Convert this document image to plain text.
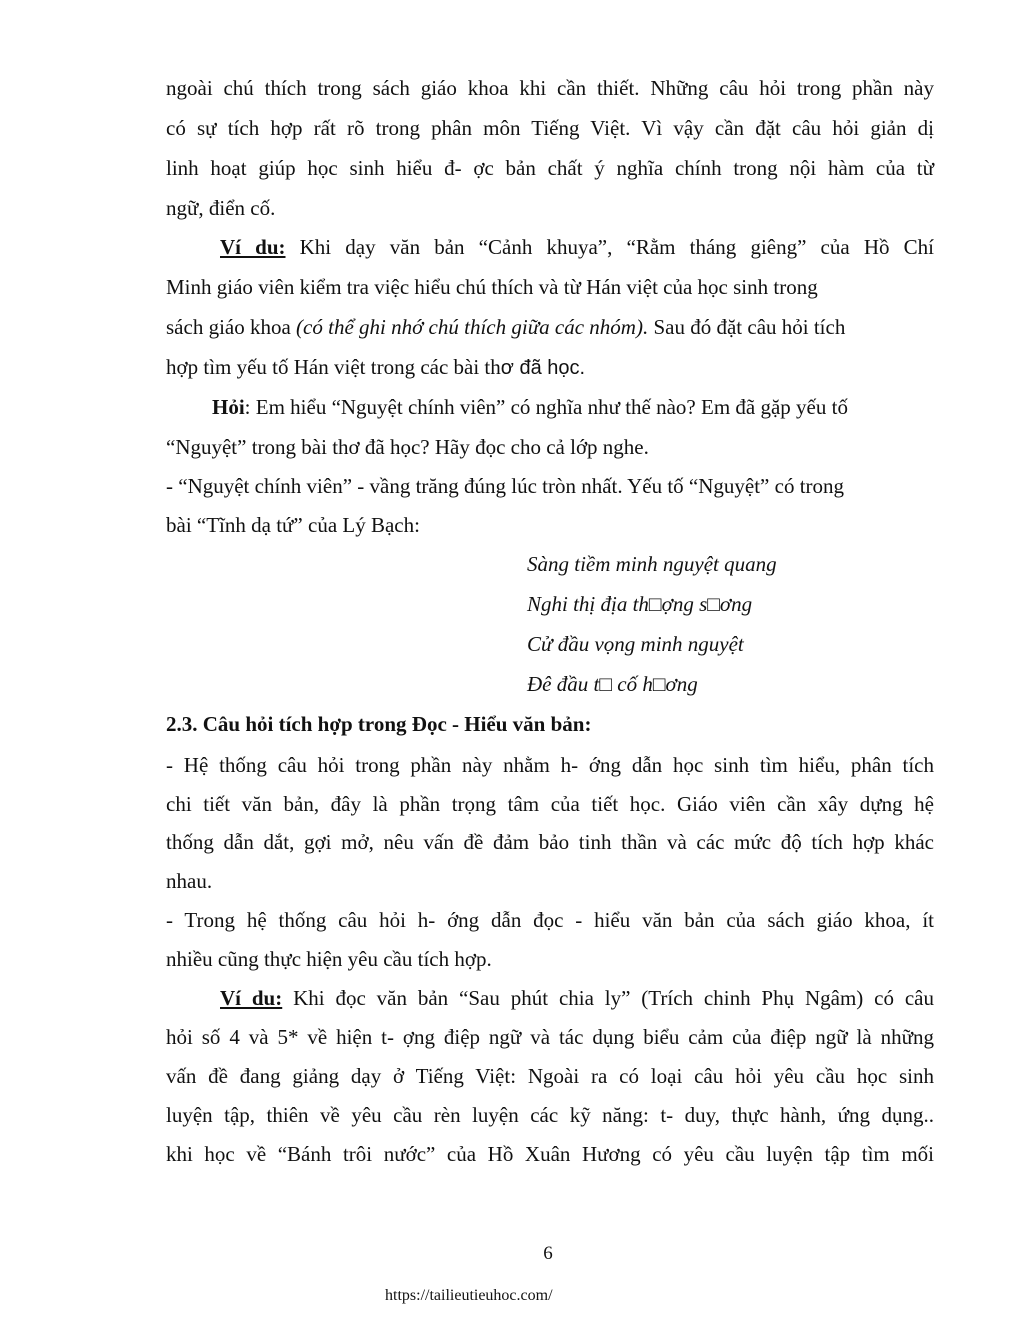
ngoài chú thích trong sách giáo khoa khi cần thiết. Những câu hỏi trong phần này
có sự tích hợp rất rõ trong phân môn Tiếng Việt. Vì vậy cần đặt câu hỏi giản dị
linh hoạt giúp học sinh hiểu đ- ợc bản chất ý nghĩa chính trong nội hàm của từ
ngữ, điển cố.
Ví du: Khi dạy văn bản “Cảnh khuya”, “Rằm tháng giêng” của Hồ Chí
Minh giáo viên kiểm tra việc hiểu chú thích và từ Hán việt của học sinh trong
sách giáo khoa (có thể ghi nhớ chú thích giữa các nhóm). Sau đó đặt câu hỏi tích
hợp tìm yếu tố Hán việt trong các bài thơ đã học.
Hỏi: Em hiểu “Nguyệt chính viên” có nghĩa như thế nào? Em đã gặp yếu tố
“Nguyệt” trong bài thơ đã học? Hãy đọc cho cả lớp nghe.
- “Nguyệt chính viên” - vầng trăng đúng lúc tròn nhất. Yếu tố “Nguyệt” có trong
bài “Tĩnh dạ tứ” của Lý Bạch:
Sàng tiềm minh nguyệt quang
Nghi thị địa th□ợng s□ơng
Cử đầu vọng minh nguyệt
Đê đầu t□ cố h□ơng
2.3. Câu hỏi tích hợp trong Đọc - Hiểu văn bản:
- Hệ thống câu hỏi trong phần này nhằm h- ớng dẫn học sinh tìm hiểu, phân tích
chi tiết văn bản, đây là phần trọng tâm của tiết học. Giáo viên cần xây dựng hệ
thống dẫn dắt, gợi mở, nêu vấn đề đảm bảo tinh thần và các mức độ tích hợp khác
nhau.
- Trong hệ thống câu hỏi h- ớng dẫn đọc - hiểu văn bản của sách giáo khoa, ít
nhiều cũng thực hiện yêu cầu tích hợp.
Ví du: Khi đọc văn bản “Sau phút chia ly” (Trích chinh Phụ Ngâm) có câu
hỏi số 4 và 5* về hiện t- ợng điệp ngữ và tác dụng biểu cảm của điệp ngữ là những
vấn đề đang giảng dạy ở Tiếng Việt: Ngoài ra có loại câu hỏi yêu cầu học sinh
luyện tập, thiên về yêu cầu rèn luyện các kỹ năng: t- duy, thực hành, ứng dụng..
khi học về “Bánh trôi nước” của Hồ Xuân Hương có yêu cầu luyện tập tìm mối
6
https://tailieutieuhoc.com/
